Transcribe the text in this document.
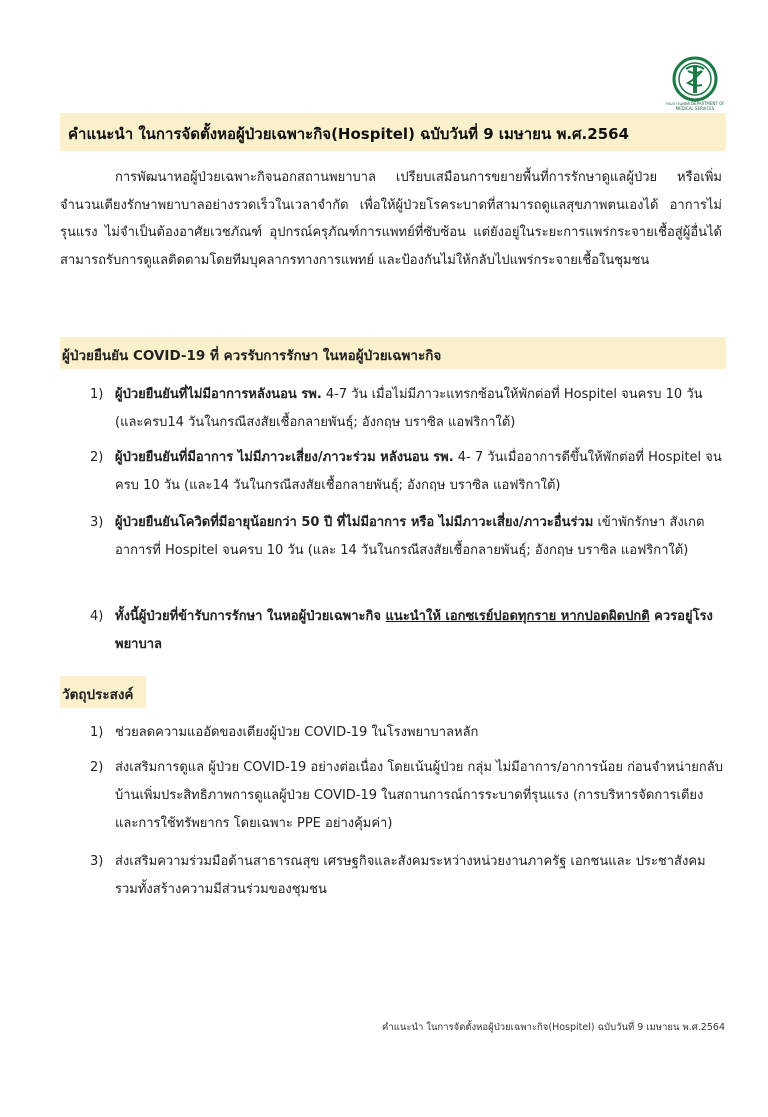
กรมการแพทย์ DEPARTMENT OF MEDICAL SERVICES
คำแนะนำ ในการจัดตั้งหอผู้ป่วยเฉพาะกิจ(Hospitel) ฉบับวันที่ 9 เมษายน พ.ศ.2564
การพัฒนาหอผู้ป่วยเฉพาะกิจนอกสถานพยาบาล เปรียบเสมือนการขยายพื้นที่การรักษาดูแลผู้ป่วย หรือเพิ่มจำนวนเตียงรักษาพยาบาลอย่างรวดเร็วในเวลาจำกัด เพื่อให้ผู้ป่วยโรคระบาดที่สามารถดูแลสุขภาพตนเองได้ อาการไม่รุนแรง ไม่จำเป็นต้องอาศัยเวชภัณฑ์ อุปกรณ์ครุภัณฑ์การแพทย์ที่ซับซ้อน แต่ยังอยู่ในระยะการแพร่กระจายเชื้อสู่ผู้อื่นได้ สามารถรับการดูแลติดตามโดยทีมบุคลากรทางการแพทย์ และป้องกันไม่ให้กลับไปแพร่กระจายเชื้อในชุมชน
ผู้ป่วยยืนยัน COVID-19 ที่ ควรรับการรักษา ในหอผู้ป่วยเฉพาะกิจ
1) ผู้ป่วยยืนยันที่ไม่มีอาการหลังนอน รพ. 4-7 วัน เมื่อไม่มีภาวะแทรกซ้อนให้พักต่อที่ Hospitel จนครบ 10 วัน (และครบ14 วันในกรณีสงสัยเชื้อกลายพันธุ์; อังกฤษ บราซิล แอฟริกาใต้)
2) ผู้ป่วยยืนยันที่มีอาการ ไม่มีภาวะเสี่ยง/ภาวะร่วม หลังนอน รพ. 4- 7 วันเมื่ออาการดีขึ้นให้พักต่อที่ Hospitel จนครบ 10 วัน (และ14 วันในกรณีสงสัยเชื้อกลายพันธุ์; อังกฤษ บราซิล แอฟริกาใต้)
3) ผู้ป่วยยืนยันโควิดที่มีอายุน้อยกว่า 50 ปี ที่ไม่มีอาการ หรือ ไม่มีภาวะเสี่ยง/ภาวะอื่นร่วม เข้าพักรักษา สังเกตอาการที่ Hospitel จนครบ 10 วัน (และ 14 วันในกรณีสงสัยเชื้อกลายพันธุ์; อังกฤษ บราซิล แอฟริกาใต้)
4) ทั้งนี้ผู้ป่วยที่ข้ารับการรักษา ในหอผู้ป่วยเฉพาะกิจ แนะนำให้ เอกซเรย์ปอดทุกราย หากปอดผิดปกติ ควรอยู่โรงพยาบาล
วัตถุประสงค์
1) ช่วยลดความแออัดของเตียงผู้ป่วย COVID-19 ในโรงพยาบาลหลัก
2) ส่งเสริมการดูแล ผู้ป่วย COVID-19 อย่างต่อเนื่อง โดยเน้นผู้ป่วย กลุ่ม ไม่มีอาการ/อาการน้อย ก่อนจำหน่ายกลับบ้านเพิ่มประสิทธิภาพการดูแลผู้ป่วย COVID-19 ในสถานการณ์การระบาดที่รุนแรง (การบริหารจัดการเตียง และการใช้ทรัพยากร โดยเฉพาะ PPE อย่างคุ้มค่า)
3) ส่งเสริมความร่วมมือด้านสาธารณสุข เศรษฐกิจและสังคมระหว่างหน่วยงานภาครัฐ เอกชนและ ประชาสังคม รวมทั้งสร้างความมีส่วนร่วมของชุมชน
คำแนะนำ ในการจัดตั้งหอผู้ป่วยเฉพาะกิจ(Hospitel) ฉบับวันที่ 9 เมษายน พ.ศ.2564
